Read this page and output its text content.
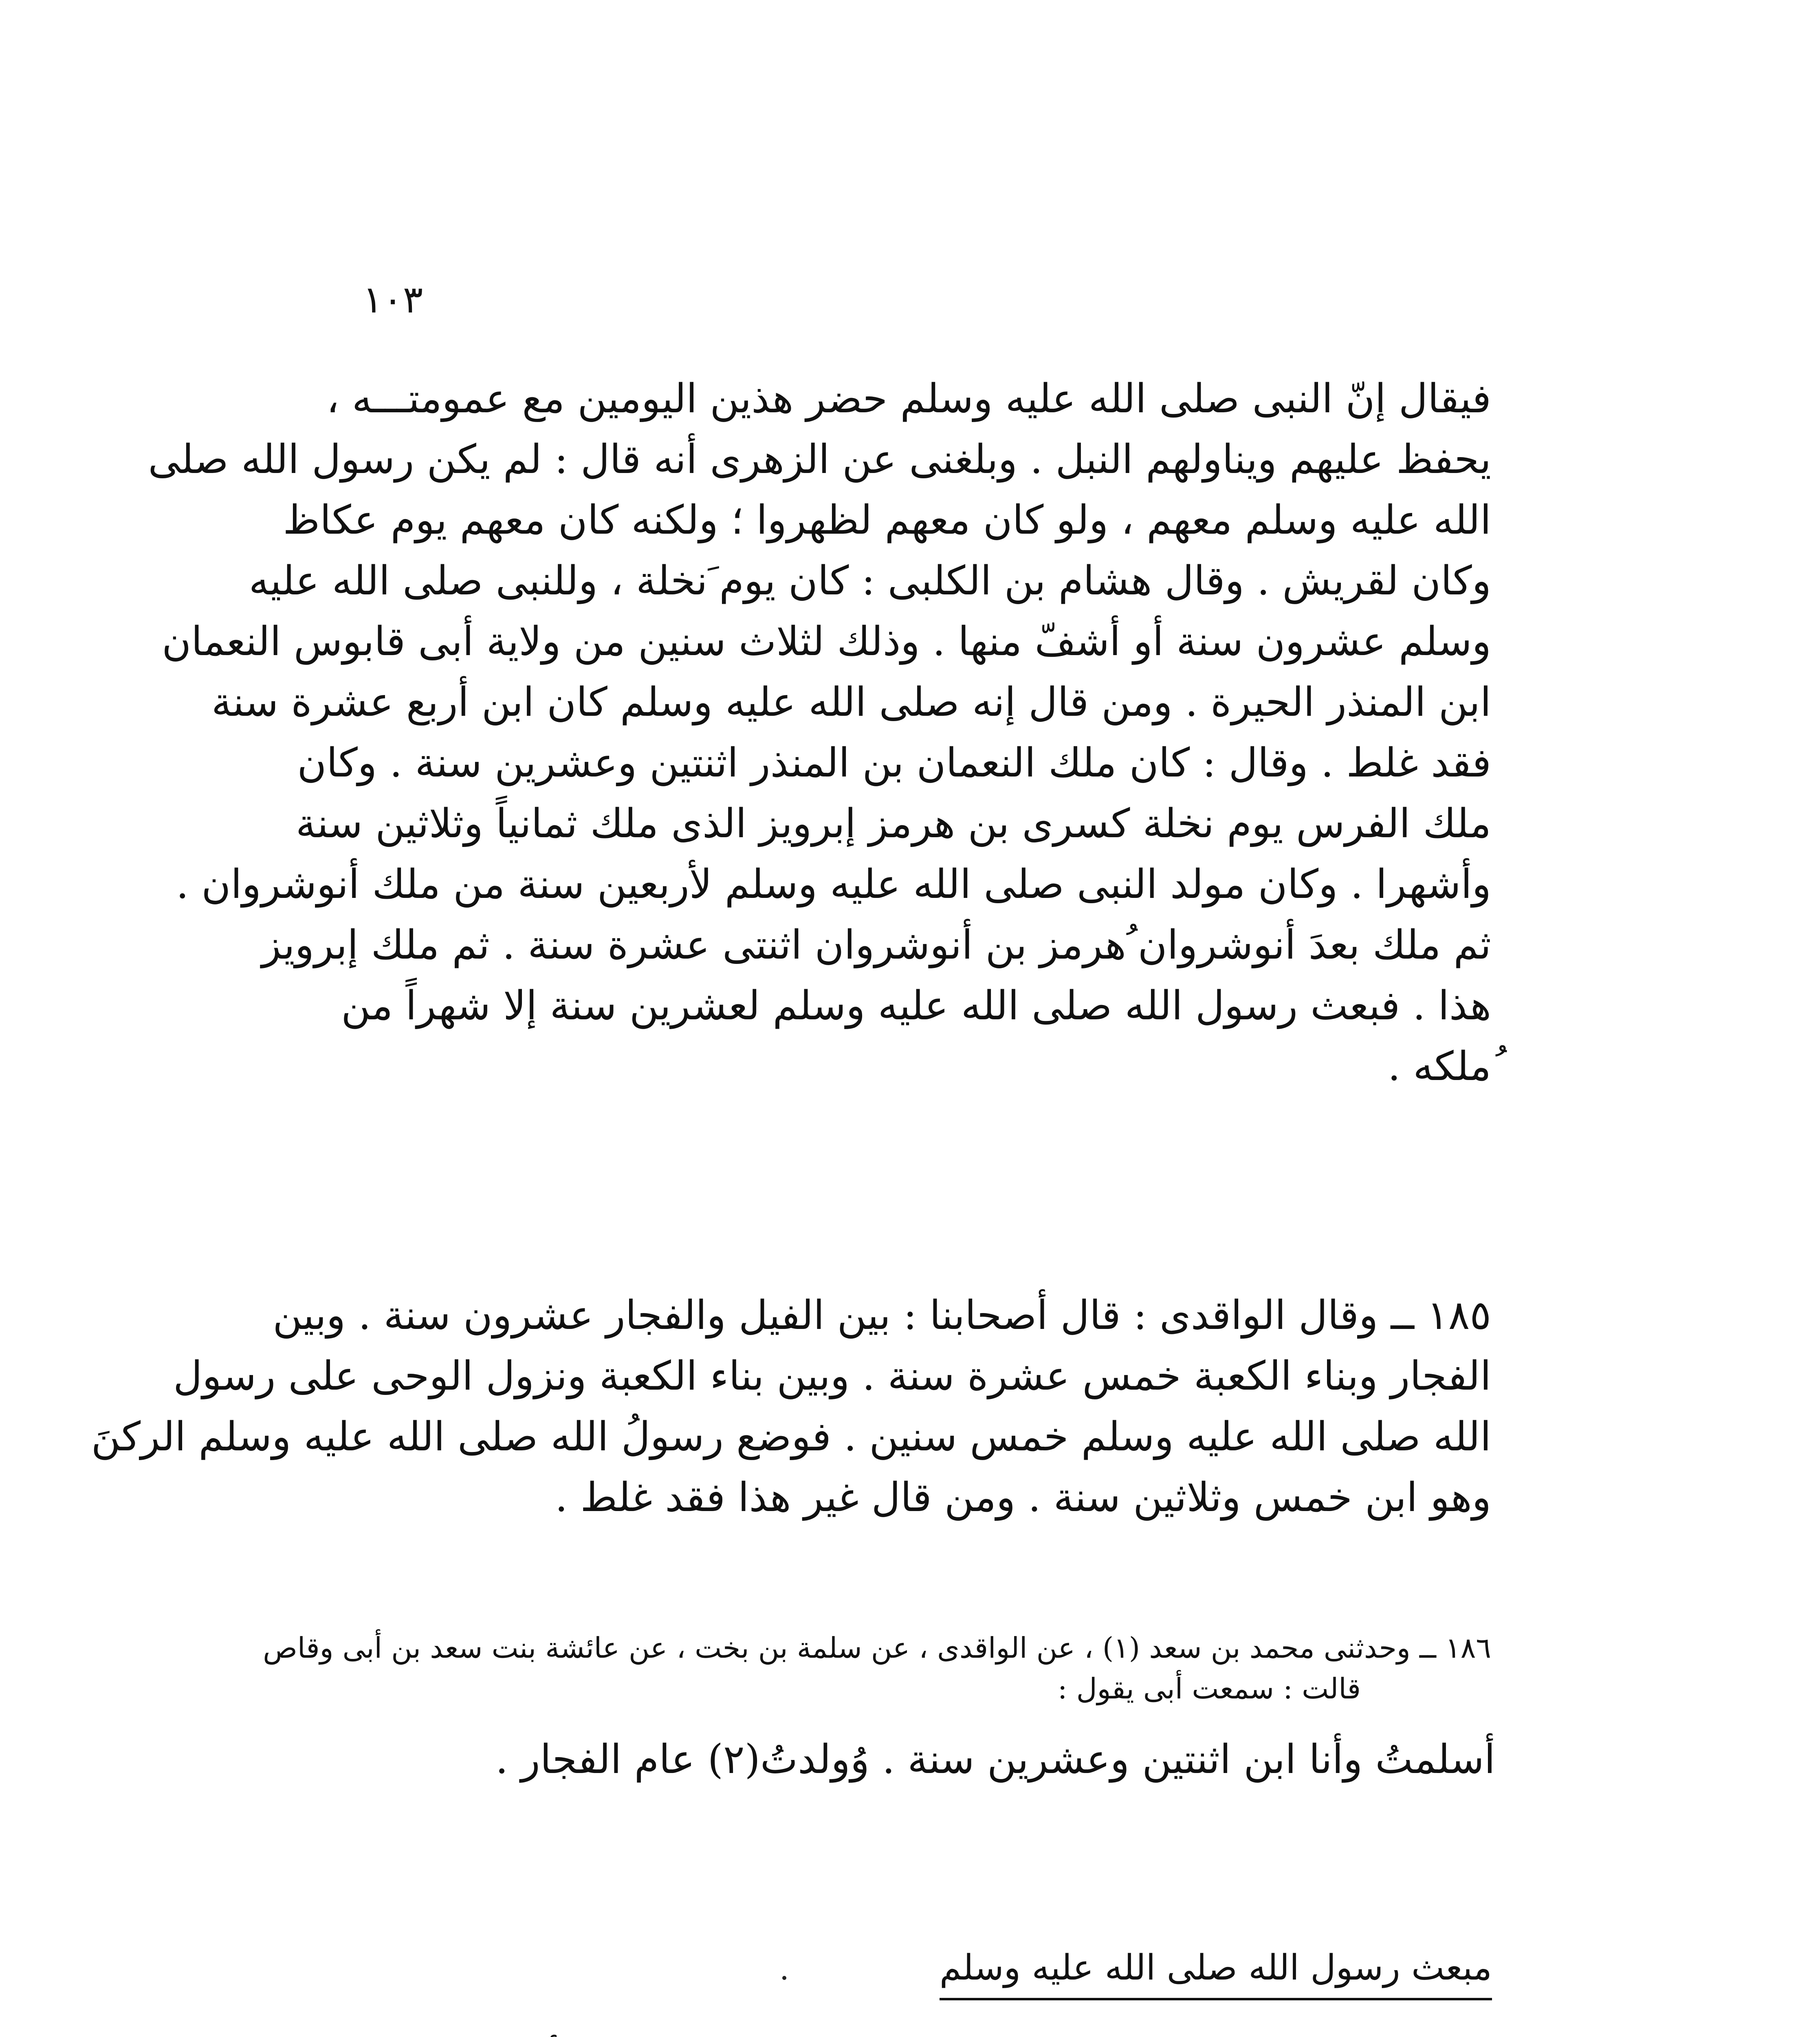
١٠٣
فيقال إنّ النبى صلى الله عليه وسلم حضر هذين اليومين مع عمومتـــه ،
يحفظ عليهم ويناولهم النبل . وبلغنى عن الزهرى أنه قال : لم يكن رسول الله صلى
الله عليه وسلم معهم ، ولو كان معهم لظهروا ؛ ولكنه كان معهم يوم عكاظ
وكان لقريش . وقال هشام بن الكلبى : كان يوم َنخلة ، وللنبى صلى الله عليه
وسلم عشرون سنة أو أشفّ منها . وذلك لثلاث سنين من ولاية أبى قابوس النعمان
ابن المنذر الحيرة . ومن قال إنه صلى الله عليه وسلم كان ابن أربع عشرة سنة
فقد غلط . وقال : كان ملك النعمان بن المنذر اثنتين وعشرين سنة . وكان
ملك الفرس يوم نخلة كسرى بن هرمز إبرويز الذى ملك ثمانياً وثلاثين سنة
وأشهرا . وكان مولد النبى صلى الله عليه وسلم لأربعين سنة من ملك أنوشروان .
ثم ملك بعدَ أنوشروان ُهرمز بن أنوشروان اثنتى عشرة سنة . ثم ملك إبرويز
هذا . فبعث رسول الله صلى الله عليه وسلم لعشرين سنة إلا شهراً من
ُملكه .
١٨٥ ــ وقال الواقدى : قال أصحابنا : بين الفيل والفجار عشرون سنة . وبين
الفجار وبناء الكعبة خمس عشرة سنة . وبين بناء الكعبة ونزول الوحى على رسول
الله صلى الله عليه وسلم خمس سنين . فوضع رسولُ الله صلى الله عليه وسلم الركنَ
وهو ابن خمس وثلاثين سنة . ومن قال غير هذا فقد غلط .
١٨٦ ــ وحدثنى محمد بن سعد (١) ، عن الواقدى ، عن سلمة بن بخت ، عن عائشة بنت سعد بن أبى وقاص
قالت : سمعت أبى يقول :
أسلمتُ وأنا ابن اثنتين وعشرين سنة . وُولدتُ(٢) عام الفجار .
مبعث رسول الله صلى الله عليه وسلم
